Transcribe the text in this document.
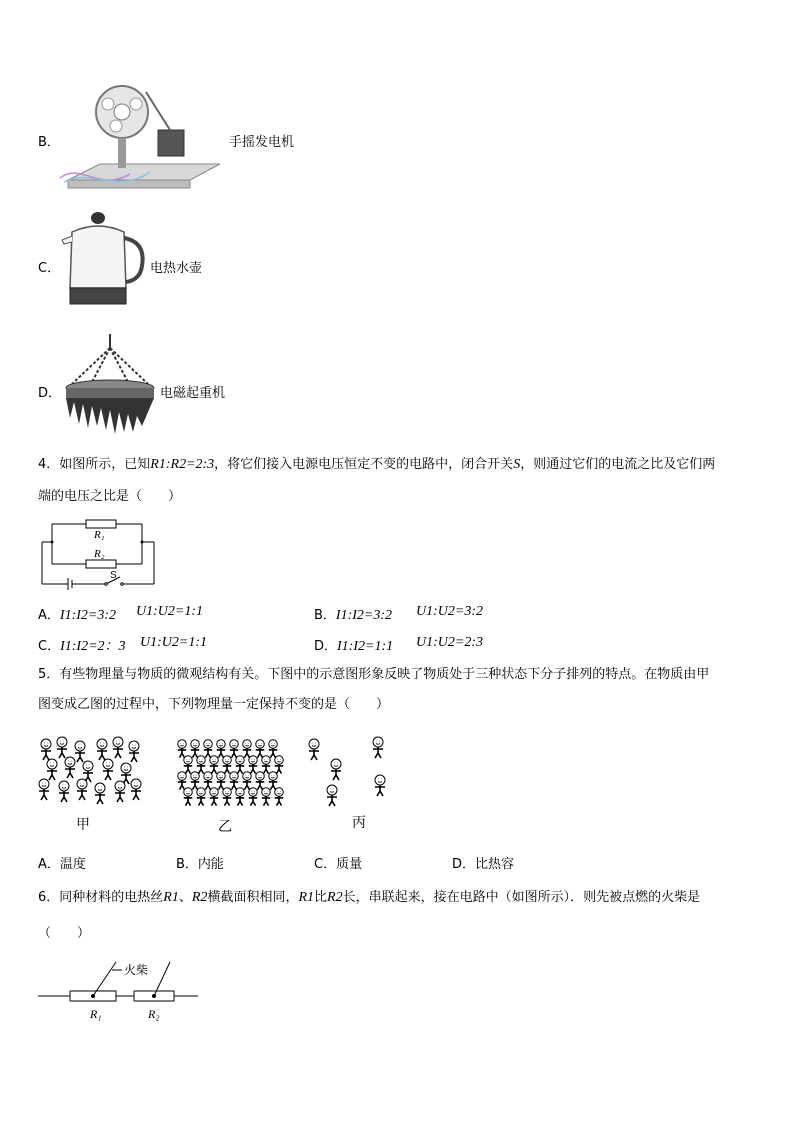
B．	手摇发电机
C．	电热水壶
D．	电磁起重机
4．如图所示，已知R1:R2=2:3，将它们接入电源电压恒定不变的电路中，闭合开关S，则通过它们的电流之比及它们两
端的电压之比是（　　）
R₁
R₂
S
A．I1:I2=3:2 U1:U2=1:1	B．I1:I2=3:2 U1:U2=3:2
C．I1:I2=2：3 U1:U2=1:1	D．I1:I2=1:1 U1:U2=2:3
5．有些物理量与物质的微观结构有关。下图中的示意图形象反映了物质处于三种状态下分子排列的特点。在物质由甲
图变成乙图的过程中，下列物理量一定保持不变的是（　　）
甲	乙	丙
A．温度	B．内能	C．质量	D．比热容
6．同种材料的电热丝R1、R2横截面积相同，R1比R2长，串联起来，接在电路中（如图所示）．则先被点燃的火柴是
（　　）
火柴
R₁	R₂
